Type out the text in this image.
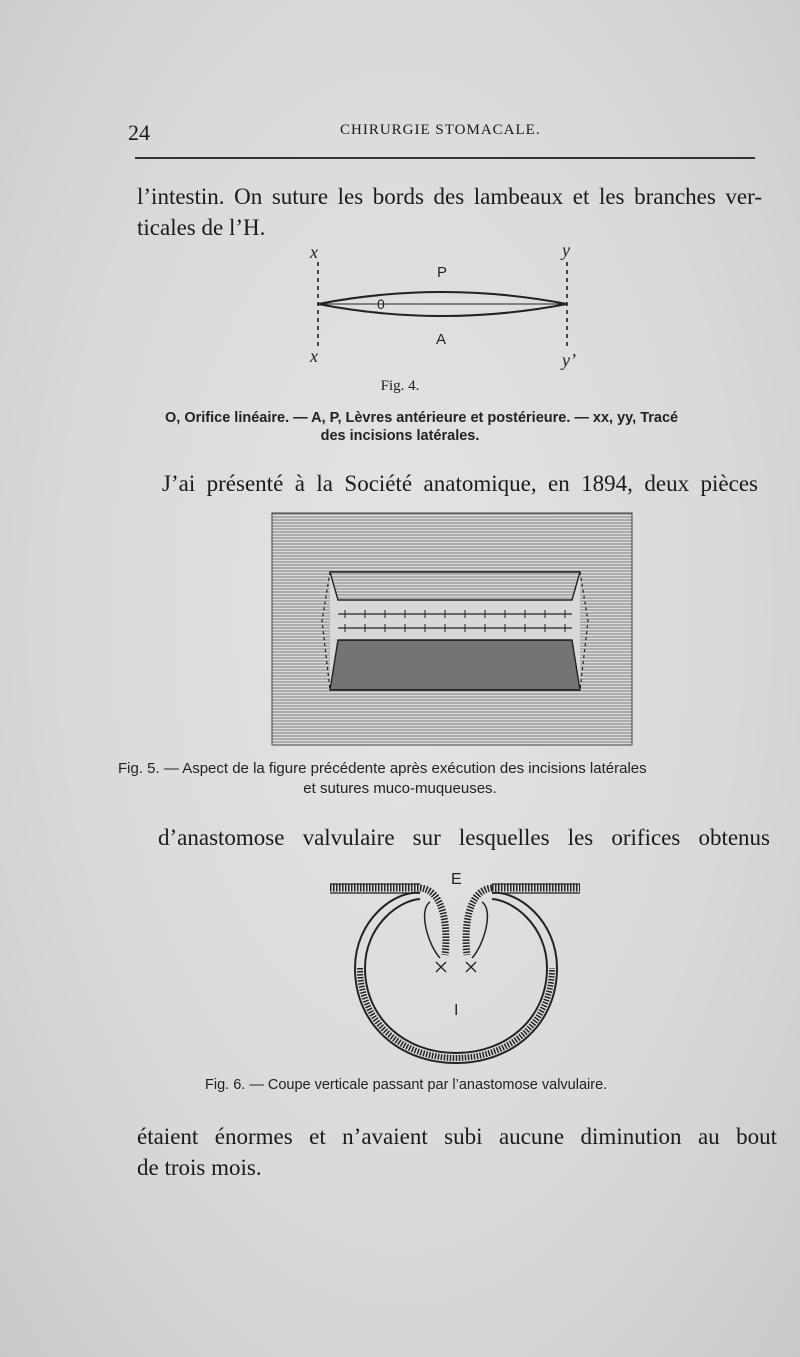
24	CHIRURGIE STOMACALE.
l’intestin. On suture les bords des lambeaux et les branches ver-
ticales de l’H.
x	y
P
0
A
x	y’
E
I
Fig. 4.
O, Orifice linéaire. — A, P, Lèvres antérieure et postérieure. — xx, yy, Tracé
des incisions latérales.
J’ai présenté à la Société anatomique, en 1894, deux pièces
Fig. 5. — Aspect de la figure précédente après exécution des incisions latérales
et sutures muco-muqueuses.
d’anastomose valvulaire sur lesquelles les orifices obtenus
Fig. 6. — Coupe verticale passant par l’anastomose valvulaire.
étaient énormes et n’avaient subi aucune diminution au bout
de trois mois.
